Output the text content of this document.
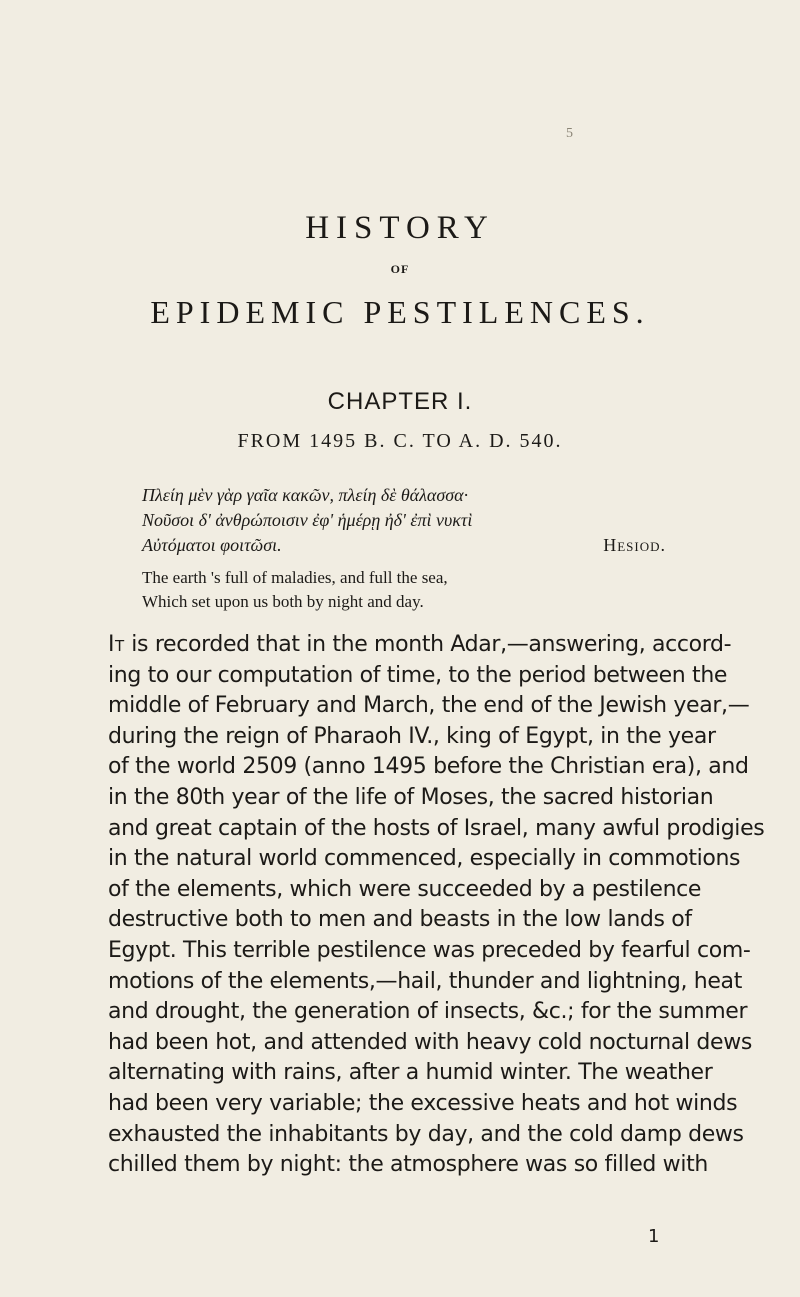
5
HISTORY
OF
EPIDEMIC PESTILENCES.
CHAPTER I.
FROM 1495 B. C. TO A. D. 540.
Πλείη μὲν γὰρ γαῖα κακῶν, πλείη δὲ θάλασσα·
Νοῦσοι δ' ἀνθρώποισιν ἐφ' ἡμέρῃ ἠδ' ἐπὶ νυκτὶ
Αὐτόματοι φοιτῶσι.	Hesiod.
The earth 's full of maladies, and full the sea,
Which set upon us both by night and day.
It is recorded that in the month Adar,—answering, accord-
ing to our computation of time, to the period between the
middle of February and March, the end of the Jewish year,—
during the reign of Pharaoh IV., king of Egypt, in the year
of the world 2509 (anno 1495 before the Christian era), and
in the 80th year of the life of Moses, the sacred historian
and great captain of the hosts of Israel, many awful prodigies
in the natural world commenced, especially in commotions
of the elements, which were succeeded by a pestilence
destructive both to men and beasts in the low lands of
Egypt. This terrible pestilence was preceded by fearful com-
motions of the elements,—hail, thunder and lightning, heat
and drought, the generation of insects, &c.; for the summer
had been hot, and attended with heavy cold nocturnal dews
alternating with rains, after a humid winter. The weather
had been very variable; the excessive heats and hot winds
exhausted the inhabitants by day, and the cold damp dews
chilled them by night: the atmosphere was so filled with
1
